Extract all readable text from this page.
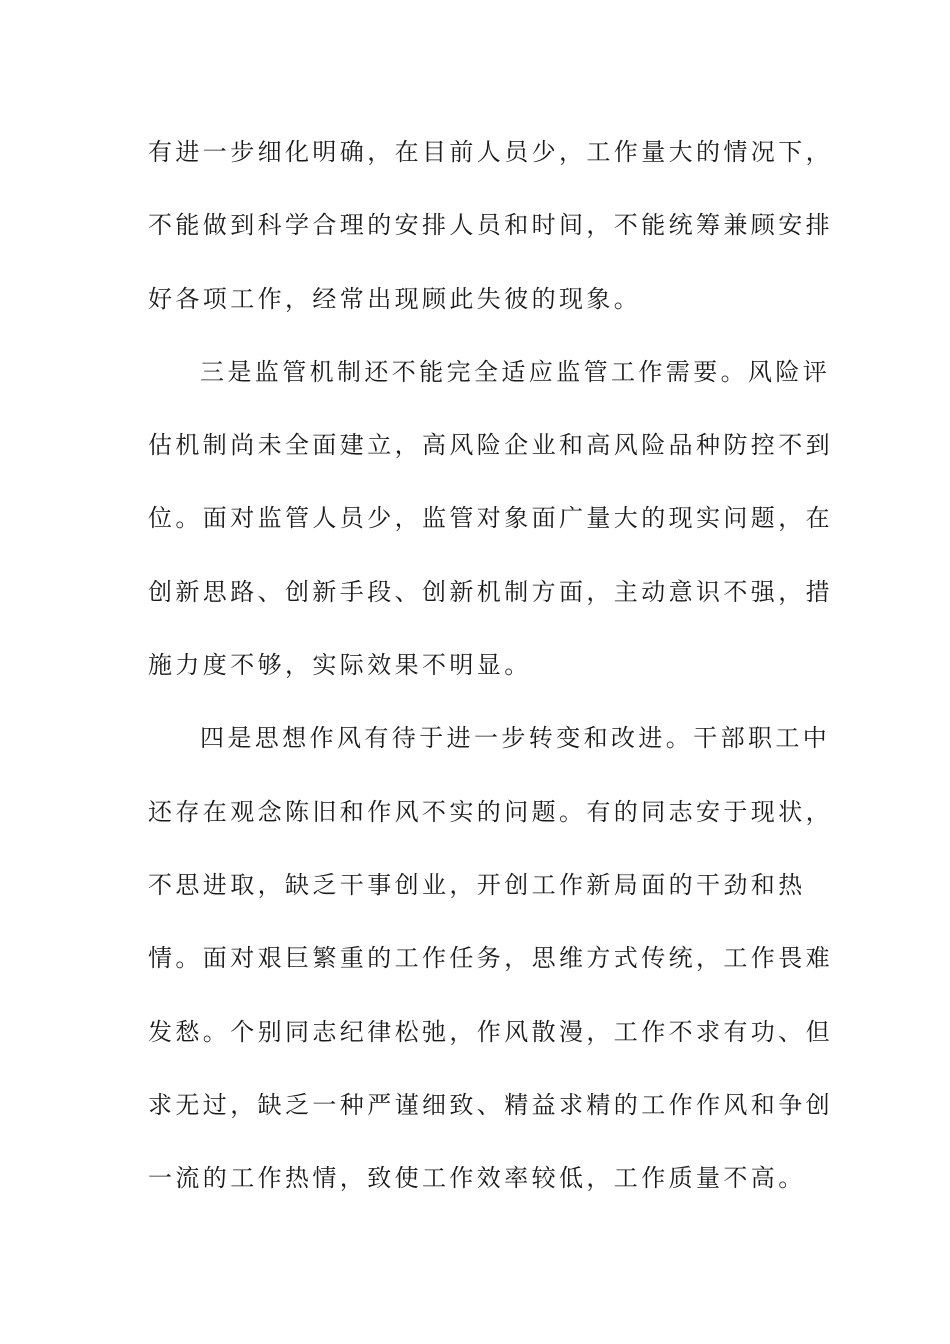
有进一步细化明确，在目前人员少，工作量大的情况下，
不能做到科学合理的安排人员和时间，不能统筹兼顾安排
好各项工作，经常出现顾此失彼的现象。
三是监管机制还不能完全适应监管工作需要。风险评
估机制尚未全面建立，高风险企业和高风险品种防控不到
位。面对监管人员少，监管对象面广量大的现实问题，在
创新思路、创新手段、创新机制方面，主动意识不强，措
施力度不够，实际效果不明显。
四是思想作风有待于进一步转变和改进。干部职工中
还存在观念陈旧和作风不实的问题。有的同志安于现状，
不思进取，缺乏干事创业，开创工作新局面的干劲和热
情。面对艰巨繁重的工作任务，思维方式传统，工作畏难
发愁。个别同志纪律松弛，作风散漫，工作不求有功、但
求无过，缺乏一种严谨细致、精益求精的工作作风和争创
一流的工作热情，致使工作效率较低，工作质量不高。
